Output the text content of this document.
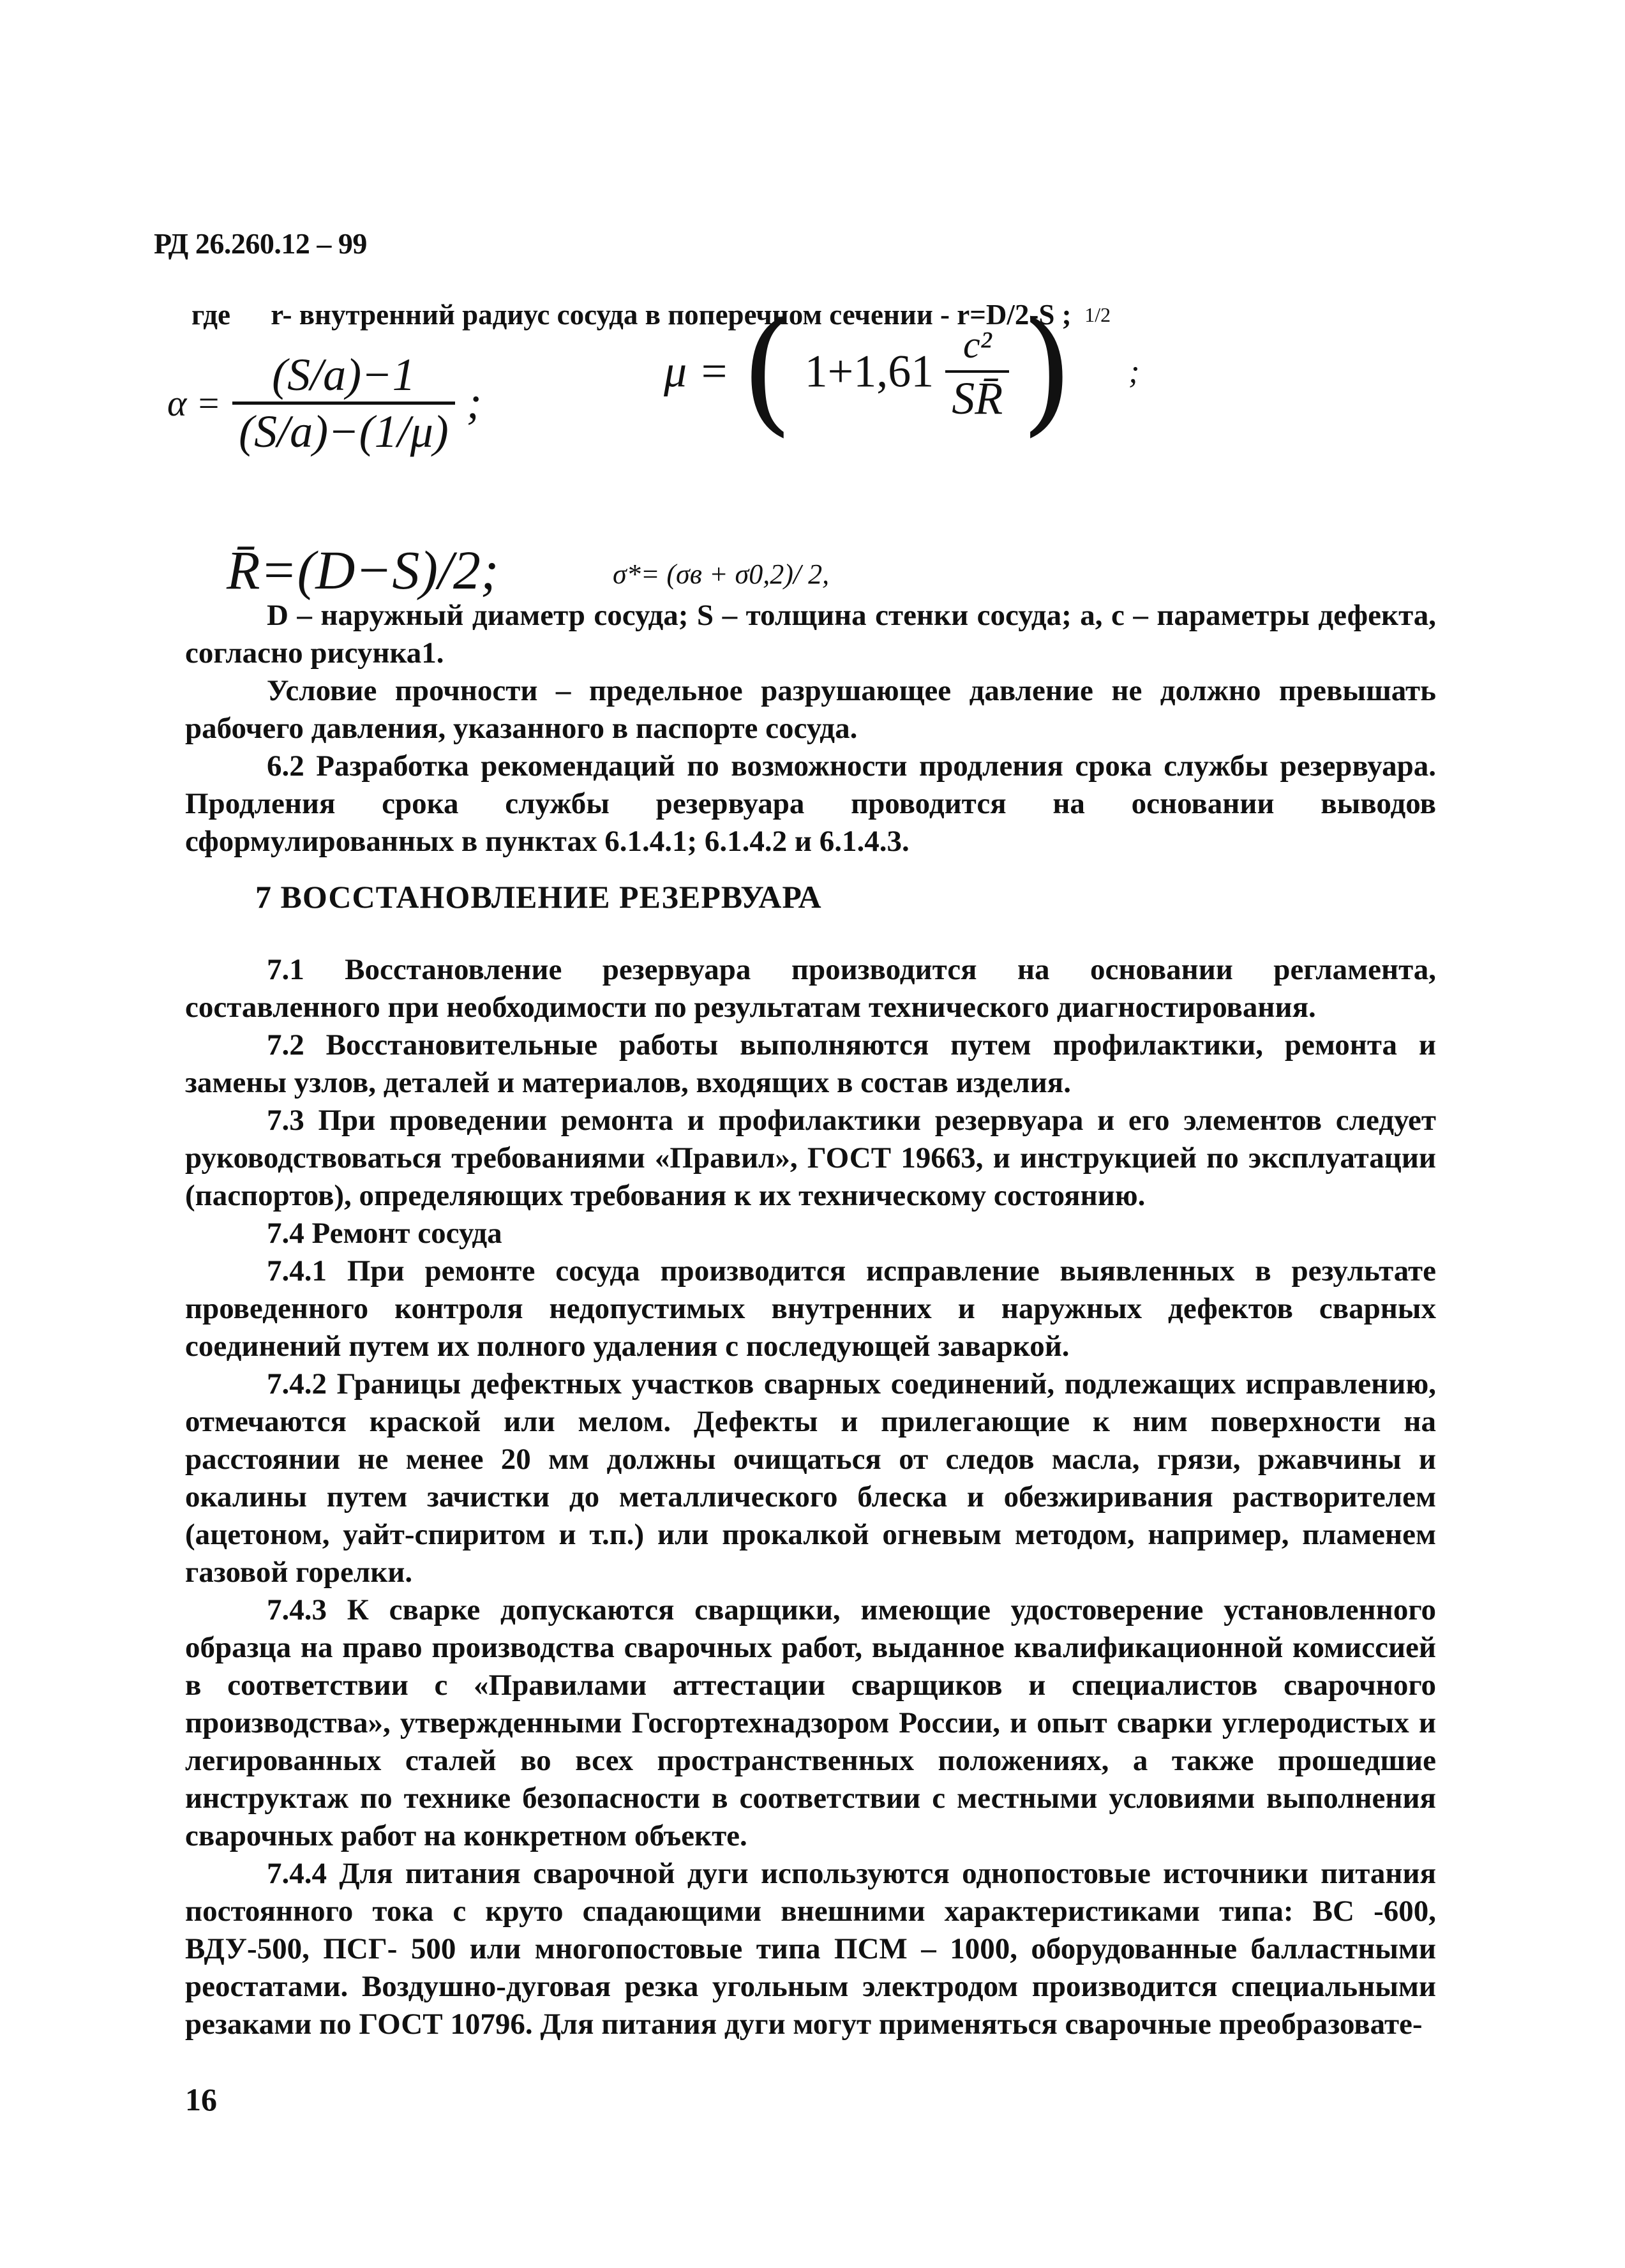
РД 26.260.12 – 99
где r- внутренний радиус сосуда в поперечном сечении - r=D/2-S ;
$\alpha = \frac{(S/a)-1}{(S/a)-(1/\mu)}$ ;
μ = ( $1+1,61 \frac{\text{c²}}{SR̄}$ ) $^{1/2}$ ;
R̄=(D−S)/2;	σ*= (σв + σ0,2)/ 2,

D – наружный диаметр сосуда; S – толщина стенки сосуда; a, c – параметры дефекта, согласно рисунка1.

Условие прочности – предельное разрушающее давление не должно превышать рабочего давления, указанного в паспорте сосуда.

6.2 Разработка рекомендаций по возможности продления срока службы резервуара. Продления срока службы резервуара проводится на основании выводов сформулированных в пунктах 6.1.4.1; 6.1.4.2 и 6.1.4.3.

7 ВОССТАНОВЛЕНИЕ РЕЗЕРВУАРА

7.1 Восстановление резервуара производится на основании регламента, составленного при необходимости по результатам технического диагностирования.

7.2 Восстановительные работы выполняются путем профилактики, ремонта и замены узлов, деталей и материалов, входящих в состав изделия.

7.3 При проведении ремонта и профилактики резервуара и его элементов следует руководствоваться требованиями «Правил», ГОСТ 19663, и инструкцией по эксплуатации (паспортов), определяющих требования к их техническому состоянию.

7.4 Ремонт сосуда

7.4.1 При ремонте сосуда производится исправление выявленных в результате проведенного контроля недопустимых внутренних и наружных дефектов сварных соединений путем их полного удаления с последующей заваркой.

7.4.2 Границы дефектных участков сварных соединений, подлежащих исправлению, отмечаются краской или мелом. Дефекты и прилегающие к ним поверхности на расстоянии не менее 20 мм должны очищаться от следов масла, грязи, ржавчины и окалины путем зачистки до металлического блеска и обезжиривания растворителем (ацетоном, уайт-спиритом и т.п.) или прокалкой огневым методом, например, пламенем газовой горелки.

7.4.3 К сварке допускаются сварщики, имеющие удостоверение установленного образца на право производства сварочных работ, выданное квалификационной комиссией в соответствии с «Правилами аттестации сварщиков и специалистов сварочного производства», утвержденными Госгортехнадзором России, и опыт сварки углеродистых и легированных сталей во всех пространственных положениях, а также прошедшие инструктаж по технике безопасности в соответствии с местными условиями выполнения сварочных работ на конкретном объекте.

7.4.4 Для питания сварочной дуги используются однопостовые источники питания постоянного тока с круто спадающими внешними характеристиками типа: ВС -600, ВДУ-500, ПСГ- 500 или многопостовые типа ПСМ – 1000, оборудованные балластными реостатами. Воздушно-дуговая резка угольным электродом производится специальными резаками по ГОСТ 10796. Для питания дуги могут применяться сварочные преобразовате-

16
